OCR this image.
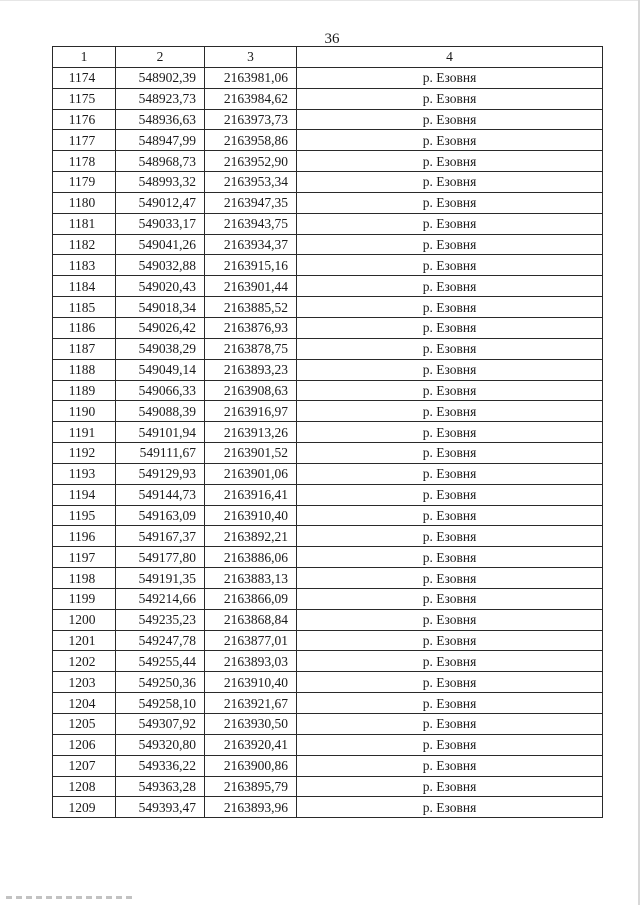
36
1	2	3	4
1174	548902,39	2163981,06	р. Езовня
1175	548923,73	2163984,62	р. Езовня
1176	548936,63	2163973,73	р. Езовня
1177	548947,99	2163958,86	р. Езовня
1178	548968,73	2163952,90	р. Езовня
1179	548993,32	2163953,34	р. Езовня
1180	549012,47	2163947,35	р. Езовня
1181	549033,17	2163943,75	р. Езовня
1182	549041,26	2163934,37	р. Езовня
1183	549032,88	2163915,16	р. Езовня
1184	549020,43	2163901,44	р. Езовня
1185	549018,34	2163885,52	р. Езовня
1186	549026,42	2163876,93	р. Езовня
1187	549038,29	2163878,75	р. Езовня
1188	549049,14	2163893,23	р. Езовня
1189	549066,33	2163908,63	р. Езовня
1190	549088,39	2163916,97	р. Езовня
1191	549101,94	2163913,26	р. Езовня
1192	549111,67	2163901,52	р. Езовня
1193	549129,93	2163901,06	р. Езовня
1194	549144,73	2163916,41	р. Езовня
1195	549163,09	2163910,40	р. Езовня
1196	549167,37	2163892,21	р. Езовня
1197	549177,80	2163886,06	р. Езовня
1198	549191,35	2163883,13	р. Езовня
1199	549214,66	2163866,09	р. Езовня
1200	549235,23	2163868,84	р. Езовня
1201	549247,78	2163877,01	р. Езовня
1202	549255,44	2163893,03	р. Езовня
1203	549250,36	2163910,40	р. Езовня
1204	549258,10	2163921,67	р. Езовня
1205	549307,92	2163930,50	р. Езовня
1206	549320,80	2163920,41	р. Езовня
1207	549336,22	2163900,86	р. Езовня
1208	549363,28	2163895,79	р. Езовня
1209	549393,47	2163893,96	р. Езовня
